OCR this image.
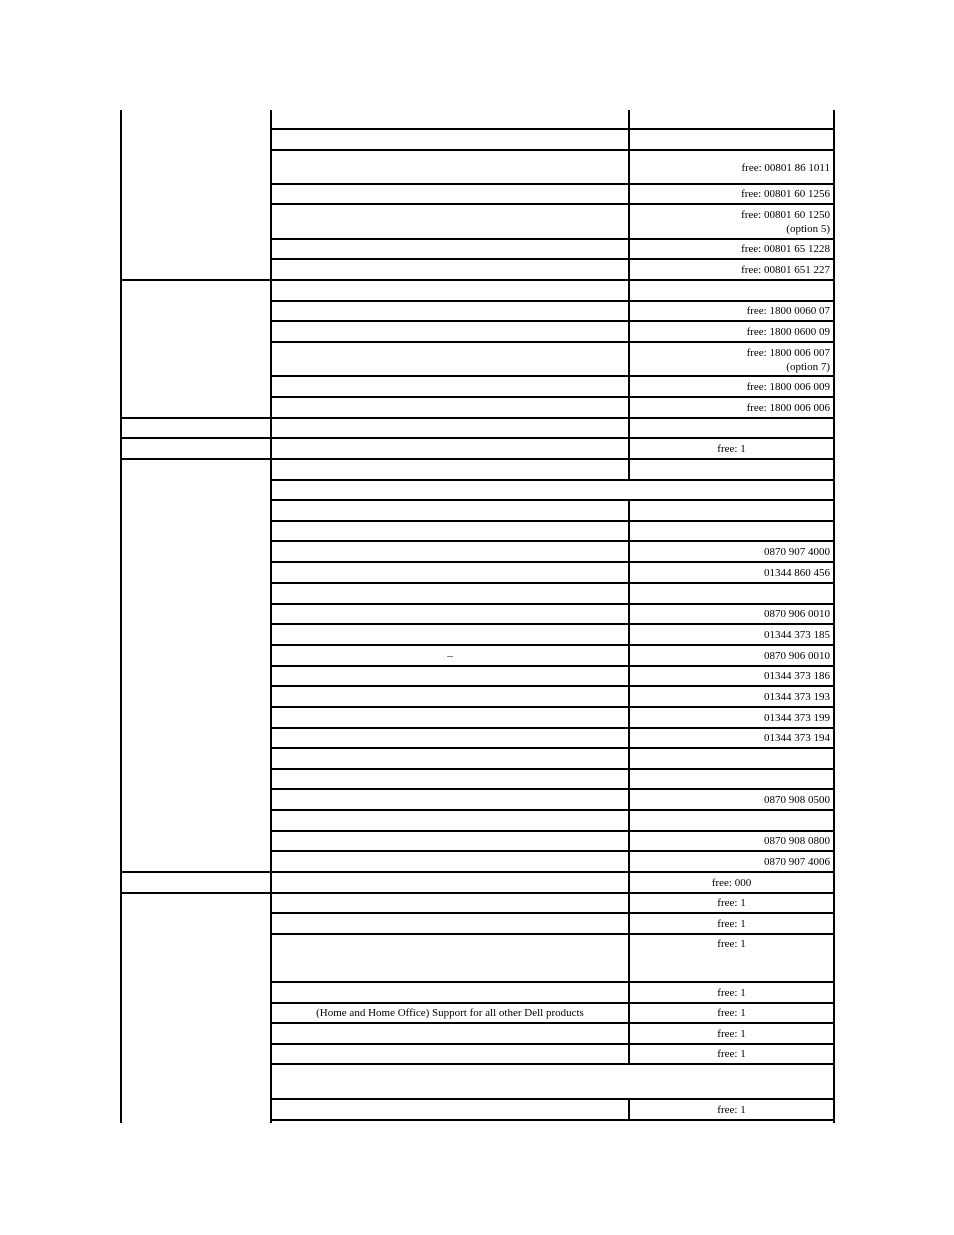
free: 00801 86 1011
free: 00801 60 1256
free: 00801 60 1250
(option 5)
free: 00801 65 1228
free: 00801 651 227
free: 1800 0060 07
free: 1800 0600 09
free: 1800 006 007
(option 7)
free: 1800 006 009
free: 1800 006 006
free: 1
0870 907 4000
01344 860 456
0870 906 0010
01344 373 185
0870 906 0010
–
01344 373 186
01344 373 193
01344 373 199
01344 373 194
0870 908 0500
0870 908 0800
0870 907 4006
free: 000
free: 1
free: 1
free: 1
free: 1
free: 1
(Home and Home Office) Support for all other Dell products
free: 1
free: 1
free: 1
